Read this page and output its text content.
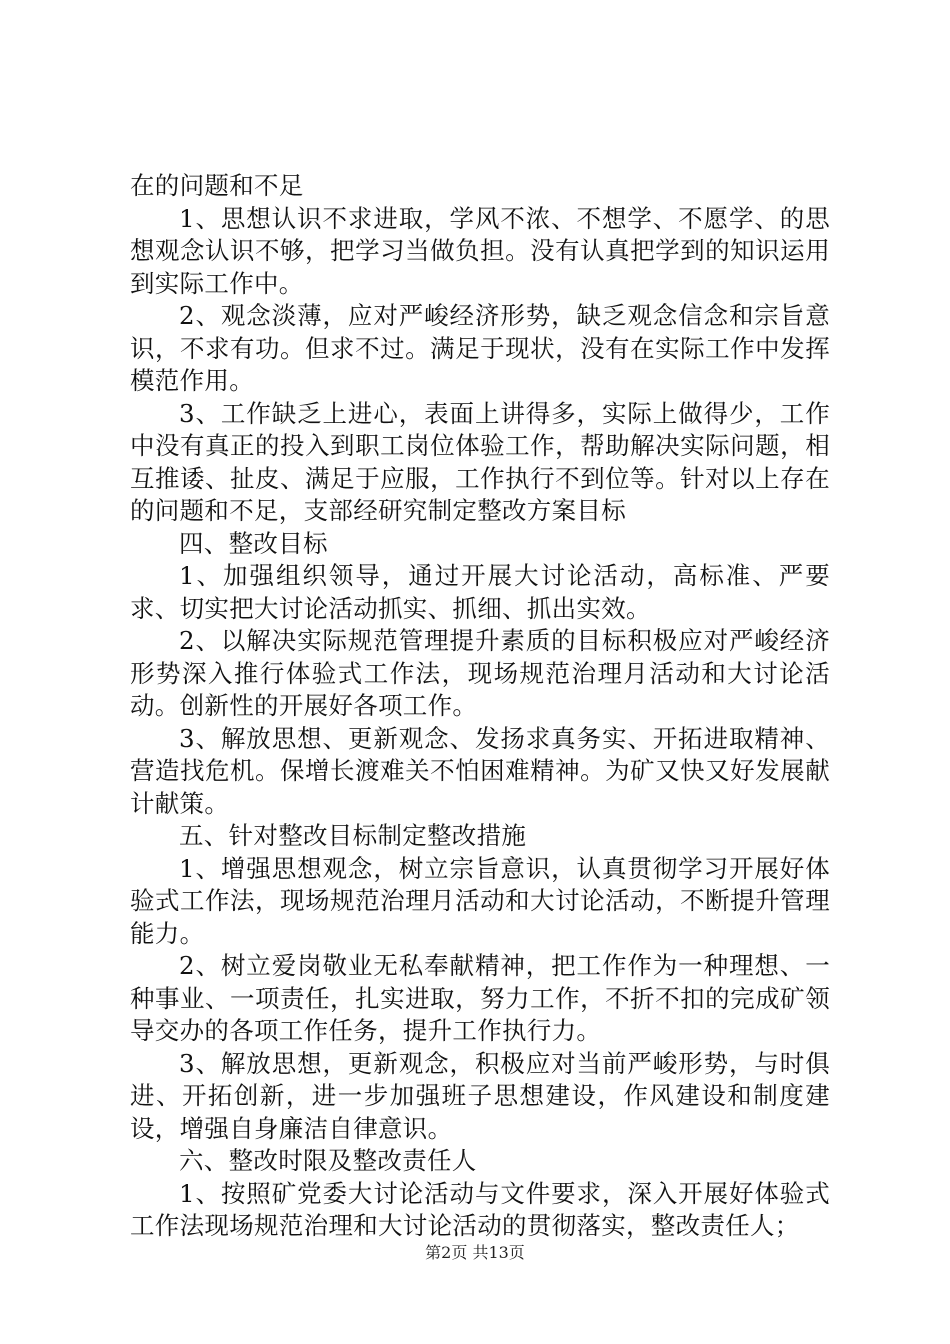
在的问题和不足

1、思想认识不求进取，学风不浓、不想学、不愿学、的思想观念认识不够，把学习当做负担。没有认真把学到的知识运用到实际工作中。

2、观念淡薄，应对严峻经济形势，缺乏观念信念和宗旨意识，不求有功。但求不过。满足于现状，没有在实际工作中发挥模范作用。

3、工作缺乏上进心，表面上讲得多，实际上做得少，工作中没有真正的投入到职工岗位体验工作，帮助解决实际问题，相互推诿、扯皮、满足于应服，工作执行不到位等。针对以上存在的问题和不足，支部经研究制定整改方案目标

四、整改目标

1、加强组织领导，通过开展大讨论活动，高标准、严要求、切实把大讨论活动抓实、抓细、抓出实效。

2、以解决实际规范管理提升素质的目标积极应对严峻经济形势深入推行体验式工作法，现场规范治理月活动和大讨论活动。创新性的开展好各项工作。

3、解放思想、更新观念、发扬求真务实、开拓进取精神、营造找危机。保增长渡难关不怕困难精神。为矿又快又好发展献计献策。

五、针对整改目标制定整改措施

1、增强思想观念，树立宗旨意识，认真贯彻学习开展好体验式工作法，现场规范治理月活动和大讨论活动，不断提升管理能力。

2、树立爱岗敬业无私奉献精神，把工作作为一种理想、一种事业、一项责任，扎实进取，努力工作，不折不扣的完成矿领导交办的各项工作任务，提升工作执行力。

3、解放思想，更新观念，积极应对当前严峻形势，与时俱进、开拓创新，进一步加强班子思想建设，作风建设和制度建设，增强自身廉洁自律意识。

六、整改时限及整改责任人

1、按照矿党委大讨论活动与文件要求，深入开展好体验式工作法现场规范治理和大讨论活动的贯彻落实，整改责任人；

第2页 共13页
